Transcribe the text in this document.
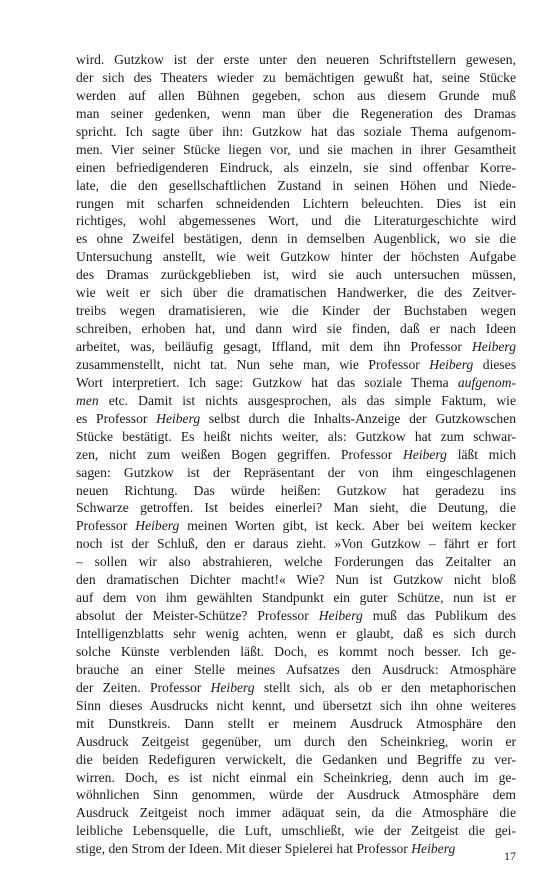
wird. Gutzkow ist der erste unter den neueren Schriftstellern gewesen,
der sich des Theaters wieder zu bemächtigen gewußt hat, seine Stücke
werden auf allen Bühnen gegeben, schon aus diesem Grunde muß
man seiner gedenken, wenn man über die Regeneration des Dramas
spricht. Ich sagte über ihn: Gutzkow hat das soziale Thema aufgenom-
men. Vier seiner Stücke liegen vor, und sie machen in ihrer Gesamtheit
einen befriedigenderen Eindruck, als einzeln, sie sind offenbar Korre-
late, die den gesellschaftlichen Zustand in seinen Höhen und Niede-
rungen mit scharfen schneidenden Lichtern beleuchten. Dies ist ein
richtiges, wohl abgemessenes Wort, und die Literaturgeschichte wird
es ohne Zweifel bestätigen, denn in demselben Augenblick, wo sie die
Untersuchung anstellt, wie weit Gutzkow hinter der höchsten Aufgabe
des Dramas zurückgeblieben ist, wird sie auch untersuchen müssen,
wie weit er sich über die dramatischen Handwerker, die des Zeitver-
treibs wegen dramatisieren, wie die Kinder der Buchstaben wegen
schreiben, erhoben hat, und dann wird sie finden, daß er nach Ideen
arbeitet, was, beiläufig gesagt, Iffland, mit dem ihn Professor Heiberg
zusammenstellt, nicht tat. Nun sehe man, wie Professor Heiberg dieses
Wort interpretiert. Ich sage: Gutzkow hat das soziale Thema aufgenom-
men etc. Damit ist nichts ausgesprochen, als das simple Faktum, wie
es Professor Heiberg selbst durch die Inhalts-Anzeige der Gutzkowschen
Stücke bestätigt. Es heißt nichts weiter, als: Gutzkow hat zum schwar-
zen, nicht zum weißen Bogen gegriffen. Professor Heiberg läßt mich
sagen: Gutzkow ist der Repräsentant der von ihm eingeschlagenen
neuen Richtung. Das würde heißen: Gutzkow hat geradezu ins
Schwarze getroffen. Ist beides einerlei? Man sieht, die Deutung, die
Professor Heiberg meinen Worten gibt, ist keck. Aber bei weitem kecker
noch ist der Schluß, den er daraus zieht. »Von Gutzkow – fährt er fort
– sollen wir also abstrahieren, welche Forderungen das Zeitalter an
den dramatischen Dichter macht!« Wie? Nun ist Gutzkow nicht bloß
auf dem von ihm gewählten Standpunkt ein guter Schütze, nun ist er
absolut der Meister-Schütze? Professor Heiberg muß das Publikum des
Intelligenzblatts sehr wenig achten, wenn er glaubt, daß es sich durch
solche Künste verblenden läßt. Doch, es kommt noch besser. Ich ge-
brauche an einer Stelle meines Aufsatzes den Ausdruck: Atmosphäre
der Zeiten. Professor Heiberg stellt sich, als ob er den metaphorischen
Sinn dieses Ausdrucks nicht kennt, und übersetzt sich ihn ohne weiteres
mit Dunstkreis. Dann stellt er meinem Ausdruck Atmosphäre den
Ausdruck Zeitgeist gegenüber, um durch den Scheinkrieg, worin er
die beiden Redefiguren verwickelt, die Gedanken und Begriffe zu ver-
wirren. Doch, es ist nicht einmal ein Scheinkrieg, denn auch im ge-
wöhnlichen Sinn genommen, würde der Ausdruck Atmosphäre dem
Ausdruck Zeitgeist noch immer adäquat sein, da die Atmosphäre die
leibliche Lebensquelle, die Luft, umschließt, wie der Zeitgeist die gei-
stige, den Strom der Ideen. Mit dieser Spielerei hat Professor Heiberg	17
